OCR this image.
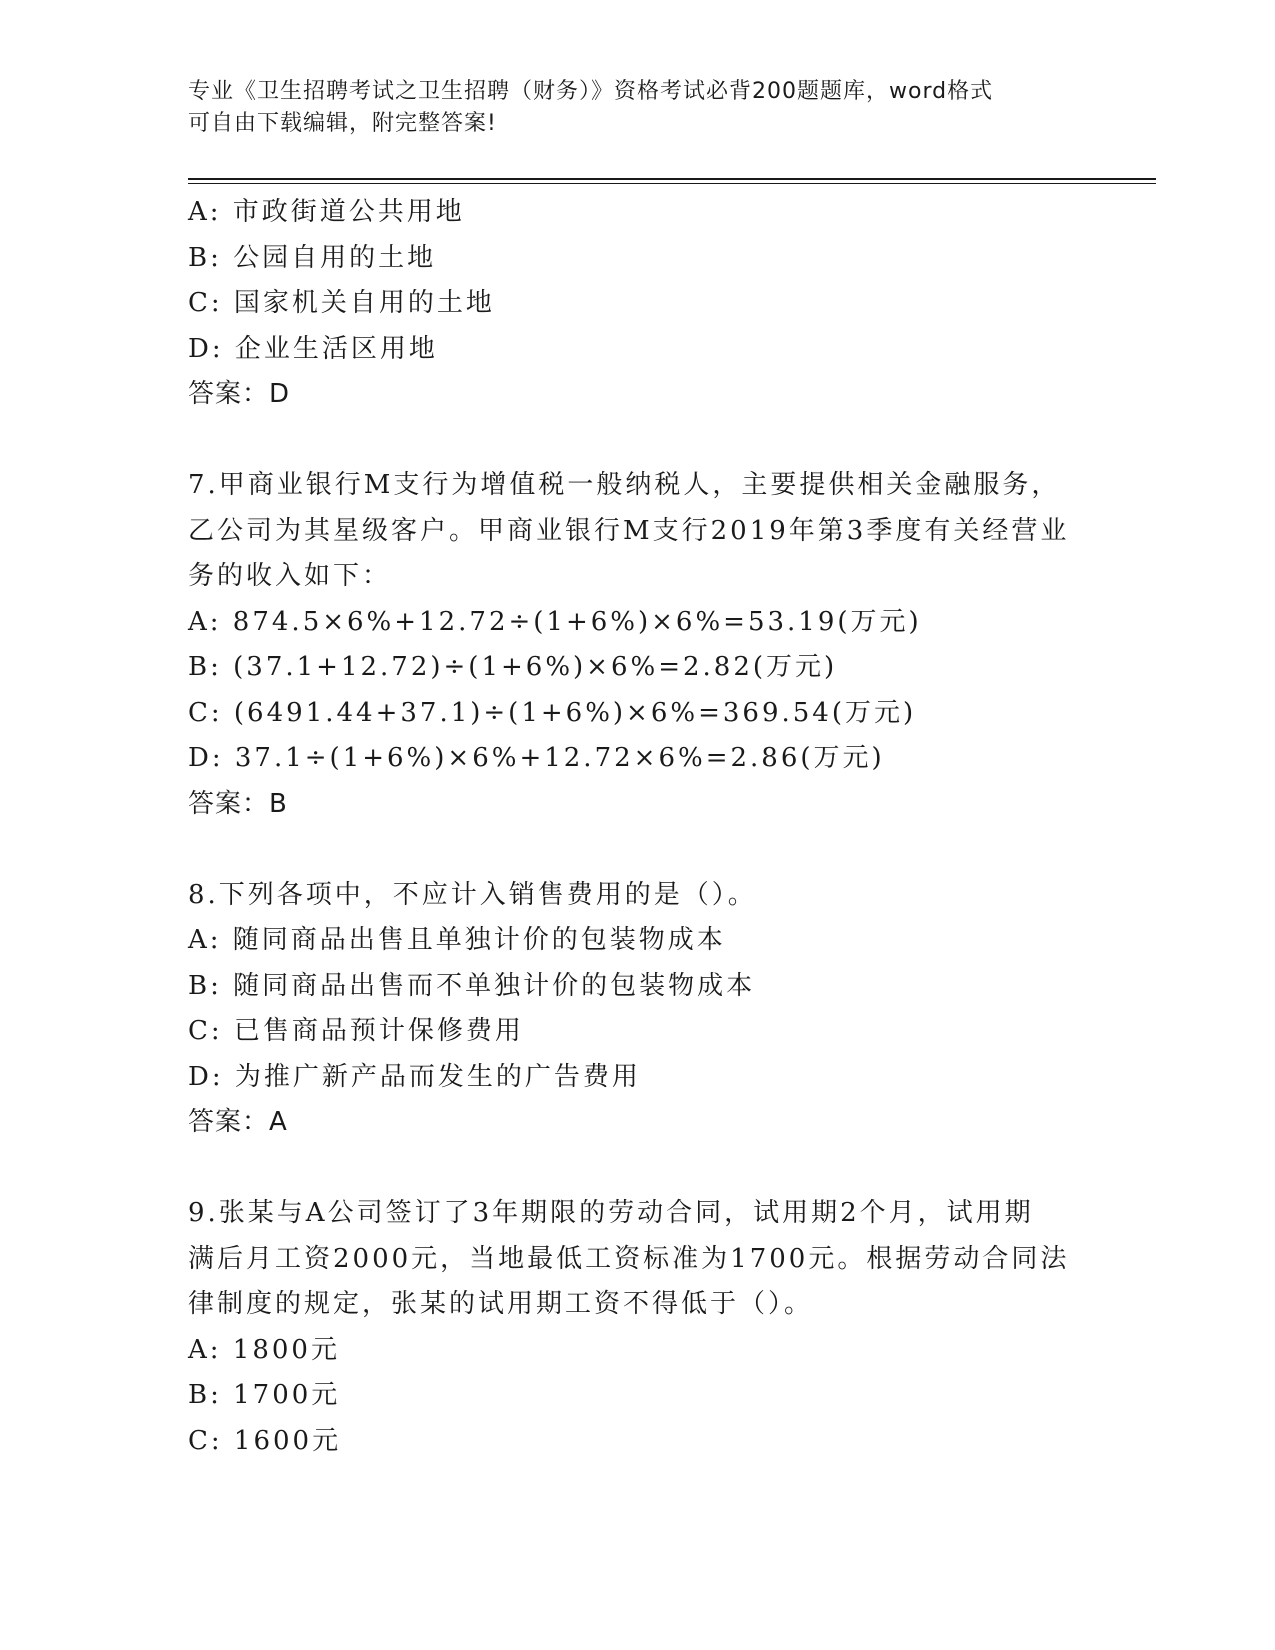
专业《卫生招聘考试之卫生招聘（财务）》资格考试必背200题题库，word格式
可自由下载编辑，附完整答案!
A: 市政街道公共用地
B: 公园自用的土地
C: 国家机关自用的土地
D: 企业生活区用地
答案：D
7.甲商业银行M支行为增值税一般纳税人，主要提供相关金融服务，
乙公司为其星级客户。甲商业银行M支行2019年第3季度有关经营业
务的收入如下：
A: 874.5×6%+12.72÷(1+6%)×6%=53.19(万元)
B: (37.1+12.72)÷(1+6%)×6%=2.82(万元)
C: (6491.44+37.1)÷(1+6%)×6%=369.54(万元)
D: 37.1÷(1+6%)×6%+12.72×6%=2.86(万元)
答案：B
8.下列各项中，不应计入销售费用的是（）。
A: 随同商品出售且单独计价的包装物成本
B: 随同商品出售而不单独计价的包装物成本
C: 已售商品预计保修费用
D: 为推广新产品而发生的广告费用
答案：A
9.张某与A公司签订了3年期限的劳动合同，试用期2个月，试用期
满后月工资2000元，当地最低工资标准为1700元。根据劳动合同法
律制度的规定，张某的试用期工资不得低于（）。
A: 1800元
B: 1700元
C: 1600元
